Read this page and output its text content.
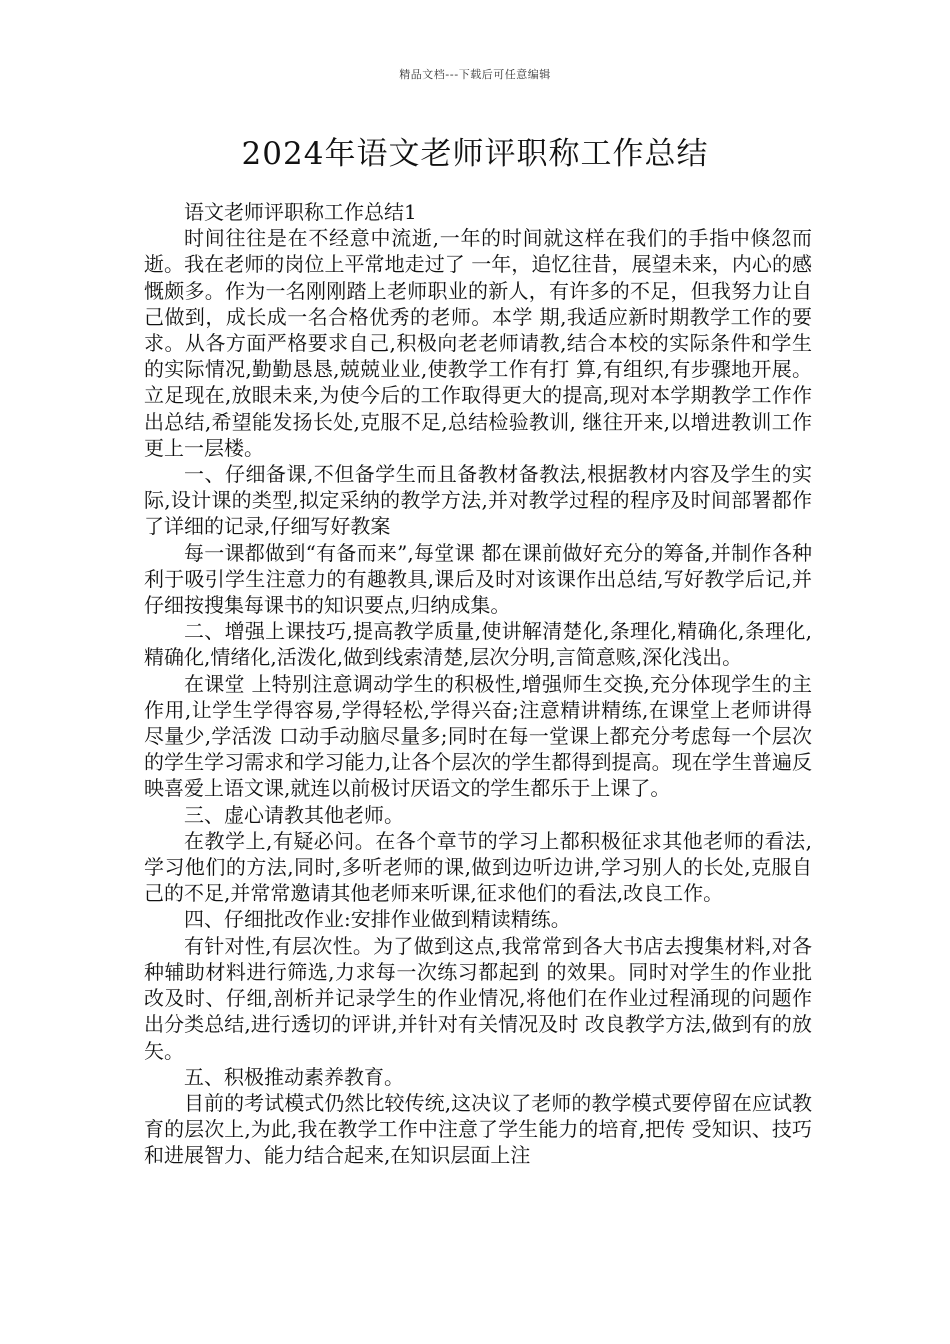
精品文档---下载后可任意编辑
2024年语文老师评职称工作总结

语文老师评职称工作总结1

时间往往是在不经意中流逝,一年的时间就这样在我们的手指中倏忽而逝。我在老师的岗位上平常地走过了 一年，追忆往昔，展望未来，内心的感慨颇多。作为一名刚刚踏上老师职业的新人，有许多的不足，但我努力让自己做到，成长成一名合格优秀的老师。本学 期,我适应新时期教学工作的要求。从各方面严格要求自己,积极向老老师请教,结合本校的实际条件和学生的实际情况,勤勤恳恳,兢兢业业,使教学工作有打 算,有组织,有步骤地开展。立足现在,放眼未来,为使今后的工作取得更大的提高,现对本学期教学工作作出总结,希望能发扬长处,克服不足,总结检验教训, 继往开来,以增进教训工作更上一层楼。

一、仔细备课,不但备学生而且备教材备教法,根据教材内容及学生的实际,设计课的类型,拟定采纳的教学方法,并对教学过程的程序及时间部署都作了详细的记录,仔细写好教案

每一课都做到“有备而来”,每堂课 都在课前做好充分的筹备,并制作各种利于吸引学生注意力的有趣教具,课后及时对该课作出总结,写好教学后记,并仔细按搜集每课书的知识要点,归纳成集。

二、增强上课技巧,提高教学质量,使讲解清楚化,条理化,精确化,条理化,精确化,情绪化,活泼化,做到线索清楚,层次分明,言简意赅,深化浅出。

在课堂 上特别注意调动学生的积极性,增强师生交换,充分体现学生的主作用,让学生学得容易,学得轻松,学得兴奋;注意精讲精练,在课堂上老师讲得尽量少,学活泼 口动手动脑尽量多;同时在每一堂课上都充分考虑每一个层次的学生学习需求和学习能力,让各个层次的学生都得到提高。现在学生普遍反映喜爱上语文课,就连以前极讨厌语文的学生都乐于上课了。

三、虚心请教其他老师。

在教学上,有疑必问。在各个章节的学习上都积极征求其他老师的看法,学习他们的方法,同时,多听老师的课,做到边听边讲,学习别人的长处,克服自己的不足,并常常邀请其他老师来听课,征求他们的看法,改良工作。

四、仔细批改作业:安排作业做到精读精练。

有针对性,有层次性。为了做到这点,我常常到各大书店去搜集材料,对各种辅助材料进行筛选,力求每一次练习都起到 的效果。同时对学生的作业批改及时、仔细,剖析并记录学生的作业情况,将他们在作业过程涌现的问题作出分类总结,进行透切的评讲,并针对有关情况及时 改良教学方法,做到有的放矢。

五、积极推动素养教育。

目前的考试模式仍然比较传统,这决议了老师的教学模式要停留在应试教育的层次上,为此,我在教学工作中注意了学生能力的培育,把传 受知识、技巧和进展智力、能力结合起来,在知识层面上注
